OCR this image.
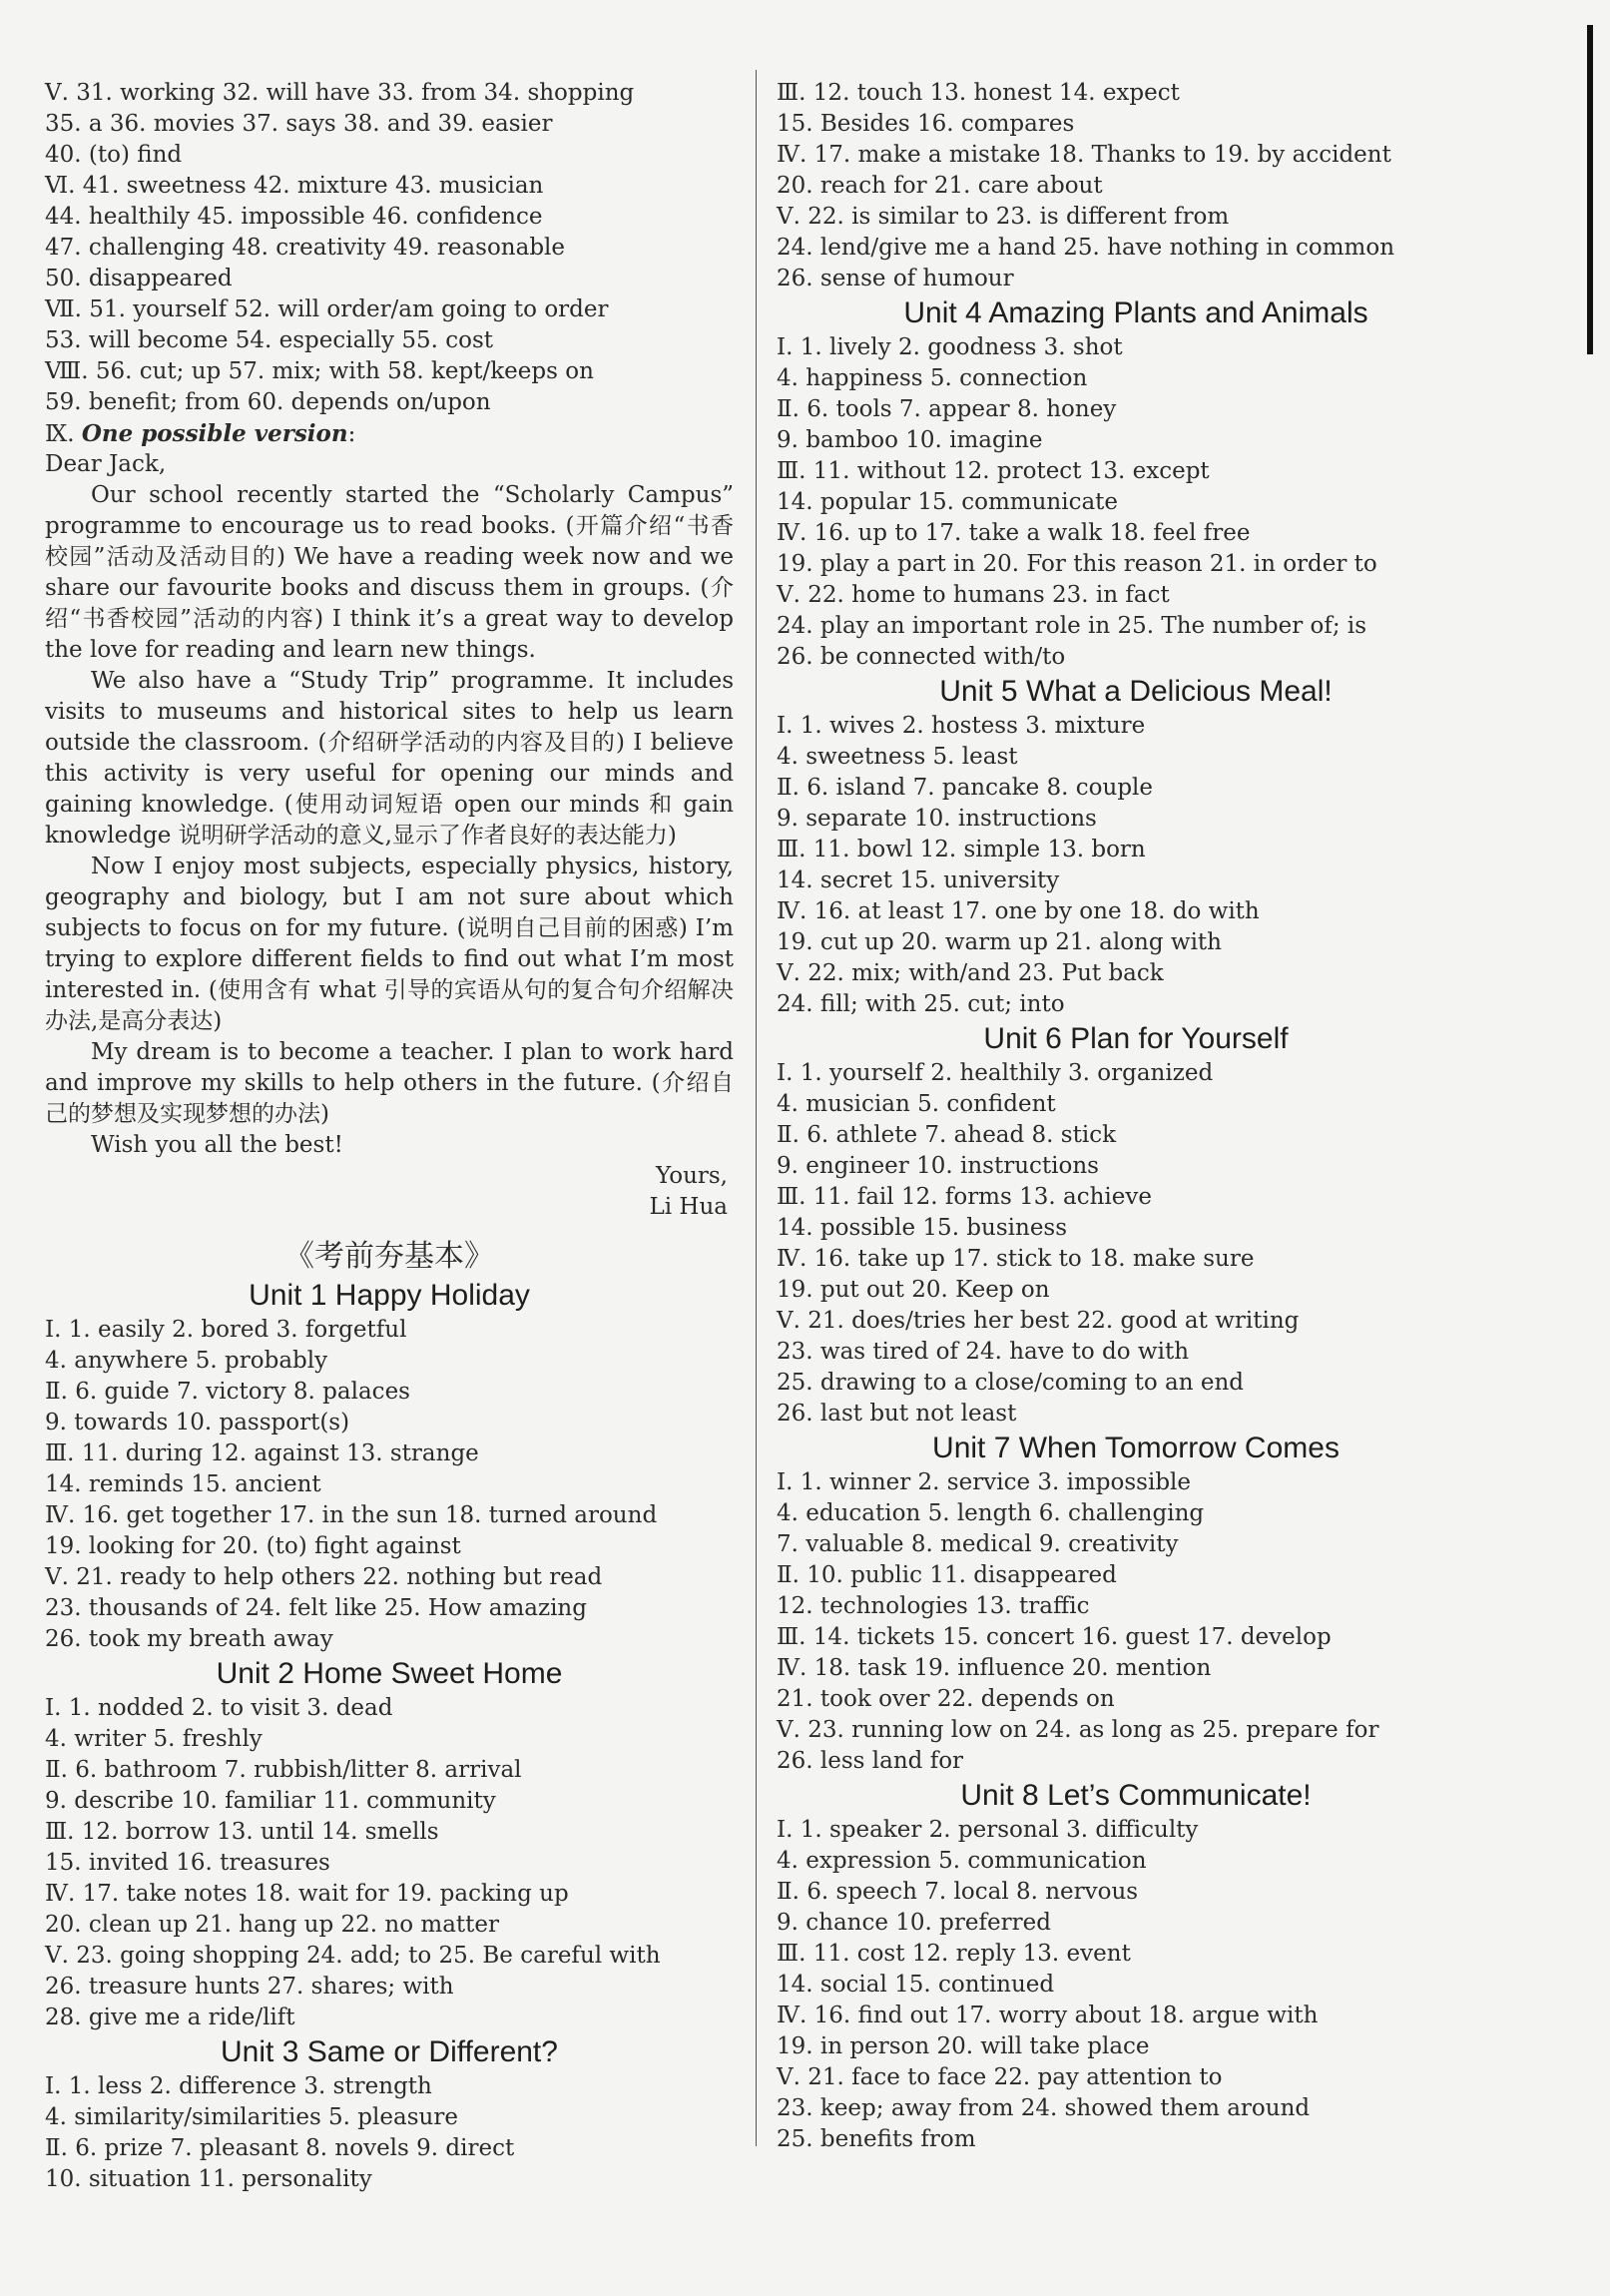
Ⅴ. 31. working 32. will have 33. from 34. shopping
35. a 36. movies 37. says 38. and 39. easier
40. (to) find
Ⅵ. 41. sweetness 42. mixture 43. musician
44. healthily 45. impossible 46. confidence
47. challenging 48. creativity 49. reasonable
50. disappeared
Ⅶ. 51. yourself 52. will order/am going to order
53. will become 54. especially 55. cost
Ⅷ. 56. cut; up 57. mix; with 58. kept/keeps on
59. benefit; from 60. depends on/upon
Ⅸ. One possible version:
Dear Jack,

Our school recently started the “Scholarly Campus” programme to encourage us to read books. (开篇介绍“书香校园”活动及活动目的) We have a reading week now and we share our favourite books and discuss them in groups. (介绍“书香校园”活动的内容) I think it’s a great way to develop the love for reading and learn new things.

We also have a “Study Trip” programme. It includes visits to museums and historical sites to help us learn outside the classroom. (介绍研学活动的内容及目的) I believe this activity is very useful for opening our minds and gaining knowledge. (使用动词短语 open our minds 和 gain knowledge 说明研学活动的意义,显示了作者良好的表达能力)

Now I enjoy most subjects, especially physics, history, geography and biology, but I am not sure about which subjects to focus on for my future. (说明自己目前的困惑) I’m trying to explore different fields to find out what I’m most interested in. (使用含有 what 引导的宾语从句的复合句介绍解决办法,是高分表达)

My dream is to become a teacher. I plan to work hard and improve my skills to help others in the future. (介绍自己的梦想及实现梦想的办法)

Wish you all the best!

Yours,
Li Hua
《考前夯基本》
Unit 1 Happy Holiday
Ⅰ. 1. easily 2. bored 3. forgetful
4. anywhere 5. probably
Ⅱ. 6. guide 7. victory 8. palaces
9. towards 10. passport(s)
Ⅲ. 11. during 12. against 13. strange
14. reminds 15. ancient
Ⅳ. 16. get together 17. in the sun 18. turned around
19. looking for 20. (to) fight against
Ⅴ. 21. ready to help others 22. nothing but read
23. thousands of 24. felt like 25. How amazing
26. took my breath away
Unit 2 Home Sweet Home
Ⅰ. 1. nodded 2. to visit 3. dead
4. writer 5. freshly
Ⅱ. 6. bathroom 7. rubbish/litter 8. arrival
9. describe 10. familiar 11. community
Ⅲ. 12. borrow 13. until 14. smells
15. invited 16. treasures
Ⅳ. 17. take notes 18. wait for 19. packing up
20. clean up 21. hang up 22. no matter
Ⅴ. 23. going shopping 24. add; to 25. Be careful with
26. treasure hunts 27. shares; with
28. give me a ride/lift
Unit 3 Same or Different?
Ⅰ. 1. less 2. difference 3. strength
4. similarity/similarities 5. pleasure
Ⅱ. 6. prize 7. pleasant 8. novels 9. direct
10. situation 11. personality
Ⅲ. 12. touch 13. honest 14. expect
15. Besides 16. compares
Ⅳ. 17. make a mistake 18. Thanks to 19. by accident
20. reach for 21. care about
Ⅴ. 22. is similar to 23. is different from
24. lend/give me a hand 25. have nothing in common
26. sense of humour
Unit 4 Amazing Plants and Animals
Ⅰ. 1. lively 2. goodness 3. shot
4. happiness 5. connection
Ⅱ. 6. tools 7. appear 8. honey
9. bamboo 10. imagine
Ⅲ. 11. without 12. protect 13. except
14. popular 15. communicate
Ⅳ. 16. up to 17. take a walk 18. feel free
19. play a part in 20. For this reason 21. in order to
Ⅴ. 22. home to humans 23. in fact
24. play an important role in 25. The number of; is
26. be connected with/to
Unit 5 What a Delicious Meal!
Ⅰ. 1. wives 2. hostess 3. mixture
4. sweetness 5. least
Ⅱ. 6. island 7. pancake 8. couple
9. separate 10. instructions
Ⅲ. 11. bowl 12. simple 13. born
14. secret 15. university
Ⅳ. 16. at least 17. one by one 18. do with
19. cut up 20. warm up 21. along with
Ⅴ. 22. mix; with/and 23. Put back
24. fill; with 25. cut; into
Unit 6 Plan for Yourself
Ⅰ. 1. yourself 2. healthily 3. organized
4. musician 5. confident
Ⅱ. 6. athlete 7. ahead 8. stick
9. engineer 10. instructions
Ⅲ. 11. fail 12. forms 13. achieve
14. possible 15. business
Ⅳ. 16. take up 17. stick to 18. make sure
19. put out 20. Keep on
Ⅴ. 21. does/tries her best 22. good at writing
23. was tired of 24. have to do with
25. drawing to a close/coming to an end
26. last but not least
Unit 7 When Tomorrow Comes
Ⅰ. 1. winner 2. service 3. impossible
4. education 5. length 6. challenging
7. valuable 8. medical 9. creativity
Ⅱ. 10. public 11. disappeared
12. technologies 13. traffic
Ⅲ. 14. tickets 15. concert 16. guest 17. develop
Ⅳ. 18. task 19. influence 20. mention
21. took over 22. depends on
Ⅴ. 23. running low on 24. as long as 25. prepare for
26. less land for
Unit 8 Let’s Communicate!
Ⅰ. 1. speaker 2. personal 3. difficulty
4. expression 5. communication
Ⅱ. 6. speech 7. local 8. nervous
9. chance 10. preferred
Ⅲ. 11. cost 12. reply 13. event
14. social 15. continued
Ⅳ. 16. find out 17. worry about 18. argue with
19. in person 20. will take place
Ⅴ. 21. face to face 22. pay attention to
23. keep; away from 24. showed them around
25. benefits from
